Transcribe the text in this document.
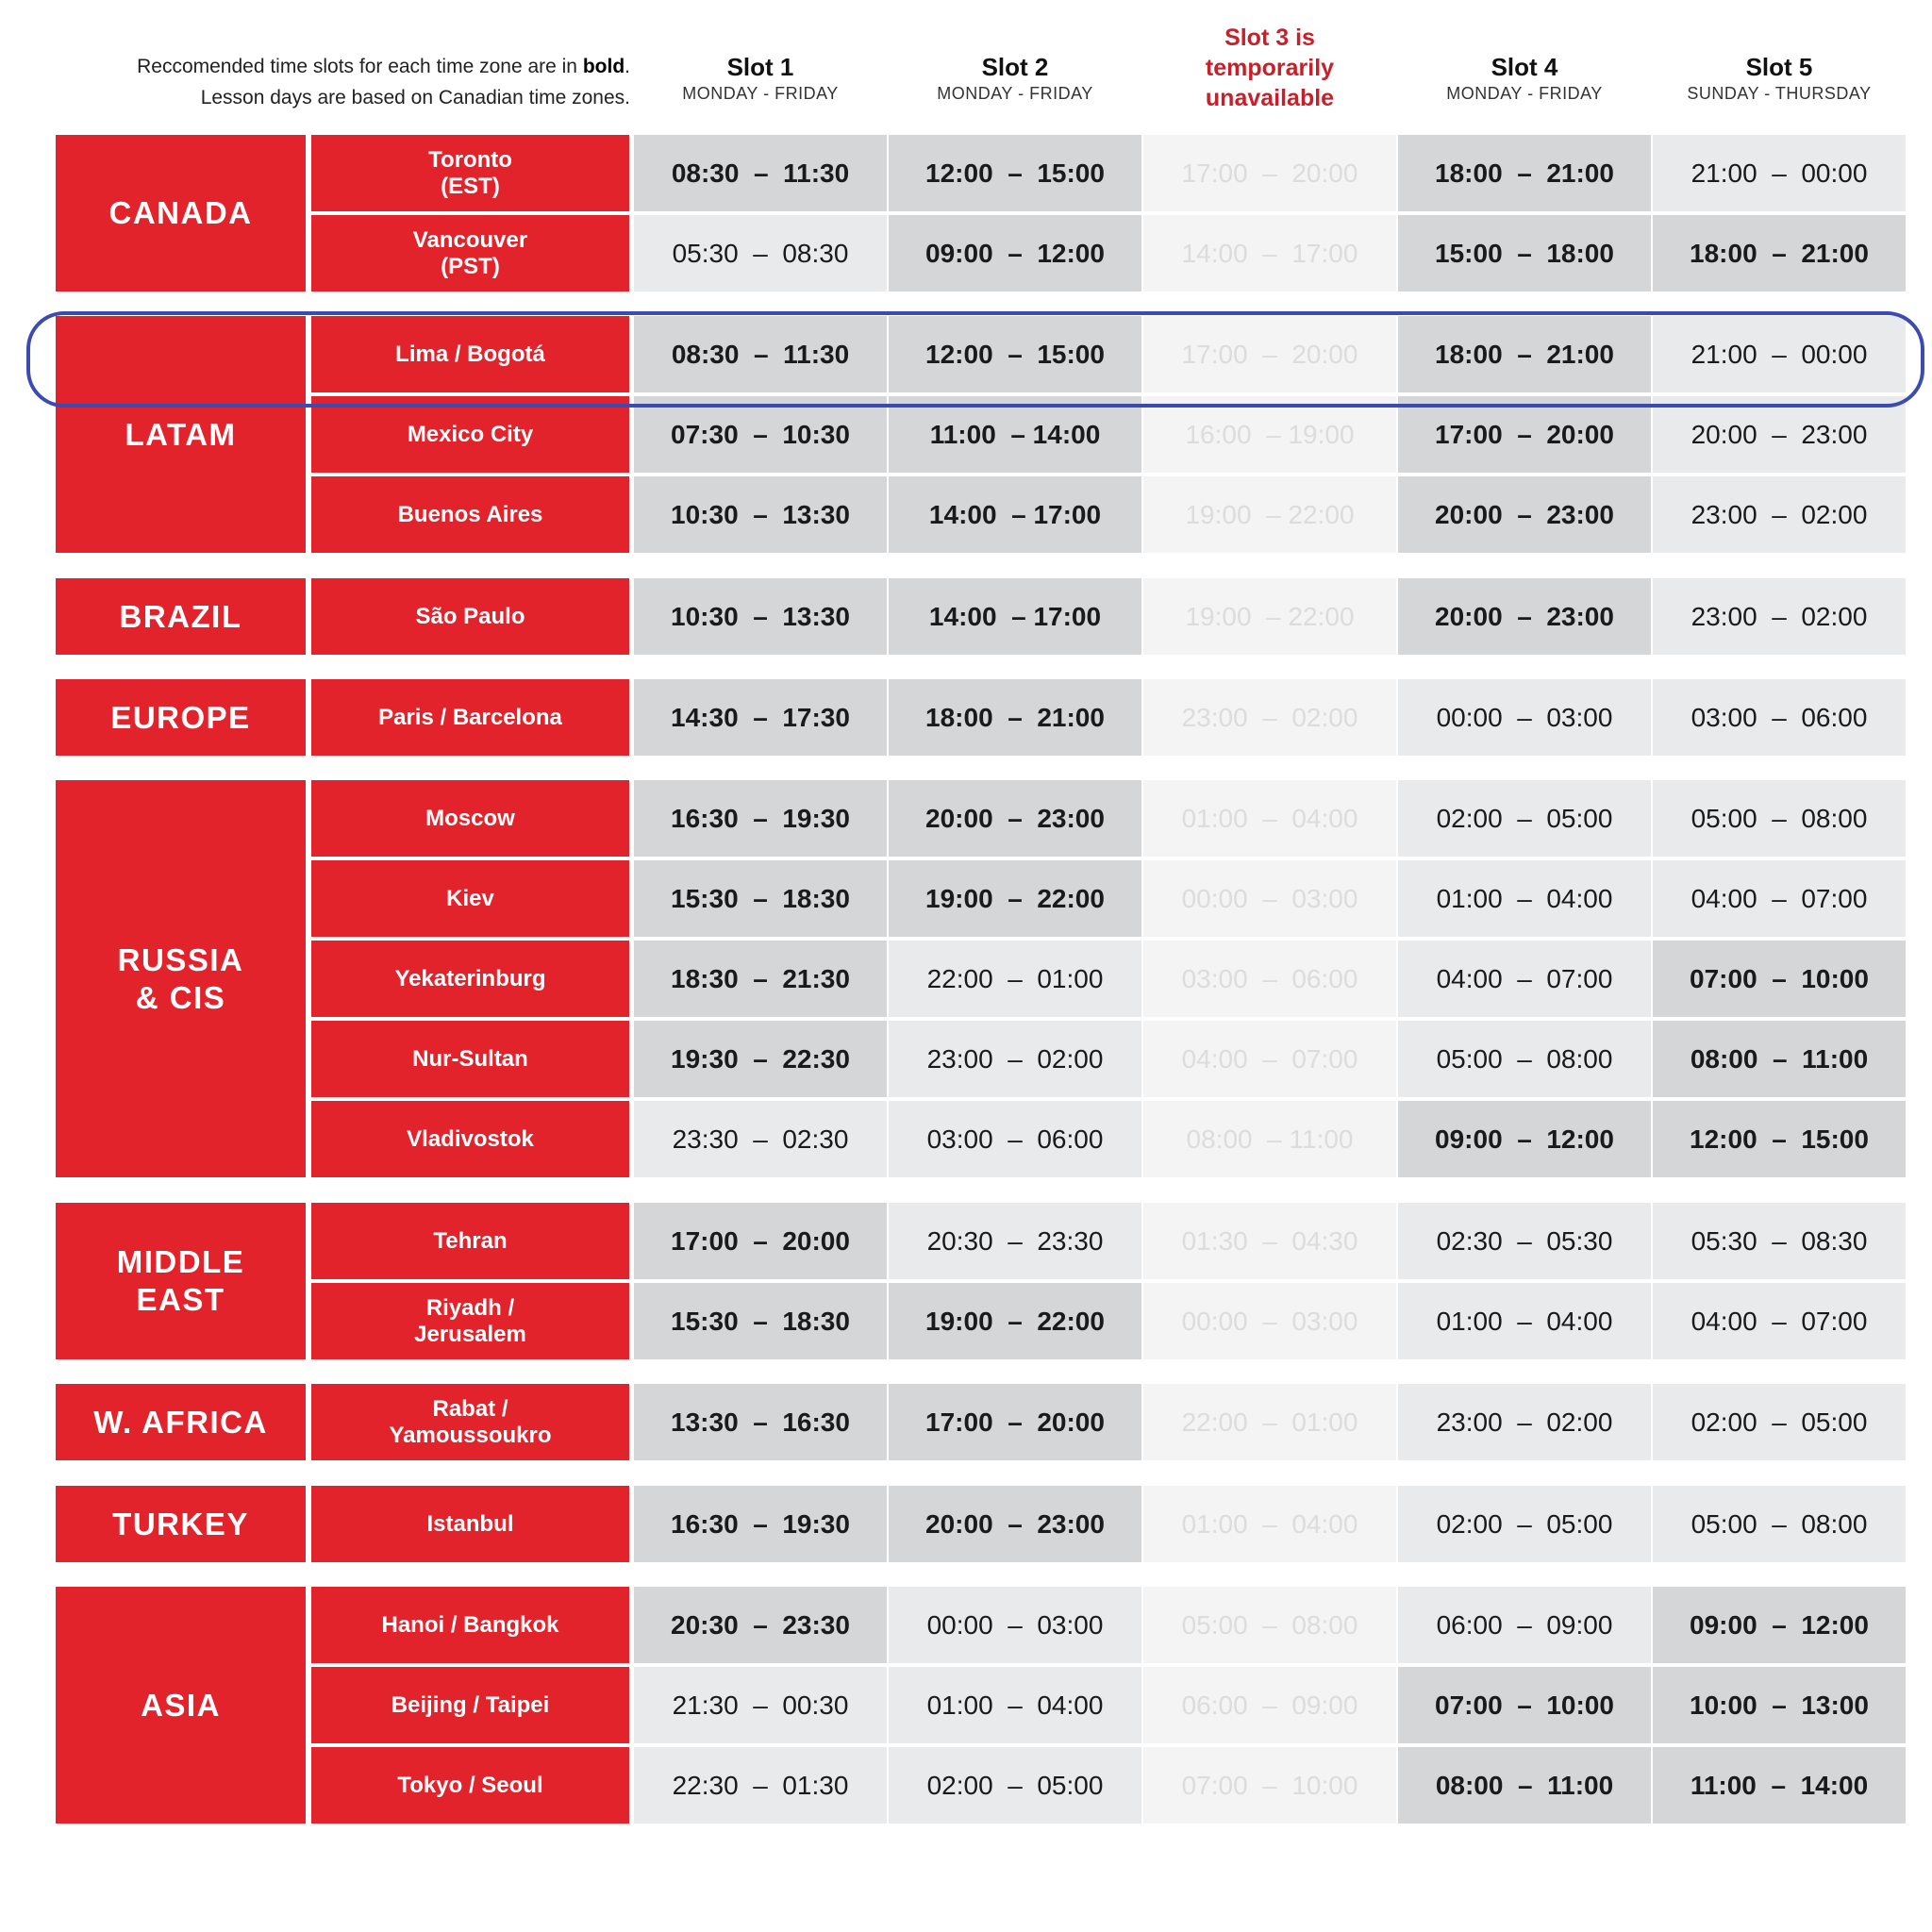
Reccomended time slots for each time zone are in bold.
Lesson days are based on Canadian time zones.
Slot 1
MONDAY - FRIDAY
Slot 2
MONDAY - FRIDAY
Slot 3 is temporarily unavailable
Slot 4
MONDAY - FRIDAY
Slot 5
SUNDAY - THURSDAY
CANADA
Toronto
(EST)	08:30  –  11:30	12:00  –  15:00	17:00  –  20:00	18:00  –  21:00	21:00  –  00:00
Vancouver
(PST)	05:30  –  08:30	09:00  –  12:00	14:00  –  17:00	15:00  –  18:00	18:00  –  21:00
LATAM
Lima / Bogotá	08:30  –  11:30	12:00  –  15:00	17:00  –  20:00	18:00  –  21:00	21:00  –  00:00
Mexico City	07:30  –  10:30	11:00  – 14:00	16:00  – 19:00	17:00  –  20:00	20:00  –  23:00
Buenos Aires	10:30  –  13:30	14:00  – 17:00	19:00  – 22:00	20:00  –  23:00	23:00  –  02:00
BRAZIL	São Paulo	10:30  –  13:30	14:00  – 17:00	19:00  – 22:00	20:00  –  23:00	23:00  –  02:00
EUROPE	Paris / Barcelona	14:30  –  17:30	18:00  –  21:00	23:00  –  02:00	00:00  –  03:00	03:00  –  06:00
RUSSIA
& CIS
Moscow	16:30  –  19:30	20:00  –  23:00	01:00  –  04:00	02:00  –  05:00	05:00  –  08:00
Kiev	15:30  –  18:30	19:00  –  22:00	00:00  –  03:00	01:00  –  04:00	04:00  –  07:00
Yekaterinburg	18:30  –  21:30	22:00  –  01:00	03:00  –  06:00	04:00  –  07:00	07:00  –  10:00
Nur-Sultan	19:30  –  22:30	23:00  –  02:00	04:00  –  07:00	05:00  –  08:00	08:00  –  11:00
Vladivostok	23:30  –  02:30	03:00  –  06:00	08:00  – 11:00	09:00  –  12:00	12:00  –  15:00
MIDDLE
EAST
Tehran	17:00  –  20:00	20:30  –  23:30	01:30  –  04:30	02:30  –  05:30	05:30  –  08:30
Riyadh /
Jerusalem	15:30  –  18:30	19:00  –  22:00	00:00  –  03:00	01:00  –  04:00	04:00  –  07:00
W. AFRICA	Rabat /
Yamoussoukro	13:30  –  16:30	17:00  –  20:00	22:00  –  01:00	23:00  –  02:00	02:00  –  05:00
TURKEY	Istanbul	16:30  –  19:30	20:00  –  23:00	01:00  –  04:00	02:00  –  05:00	05:00  –  08:00
ASIA
Hanoi / Bangkok	20:30  –  23:30	00:00  –  03:00	05:00  –  08:00	06:00  –  09:00	09:00  –  12:00
Beijing / Taipei	21:30  –  00:30	01:00  –  04:00	06:00  –  09:00	07:00  –  10:00	10:00  –  13:00
Tokyo / Seoul	22:30  –  01:30	02:00  –  05:00	07:00  –  10:00	08:00  –  11:00	11:00  –  14:00
